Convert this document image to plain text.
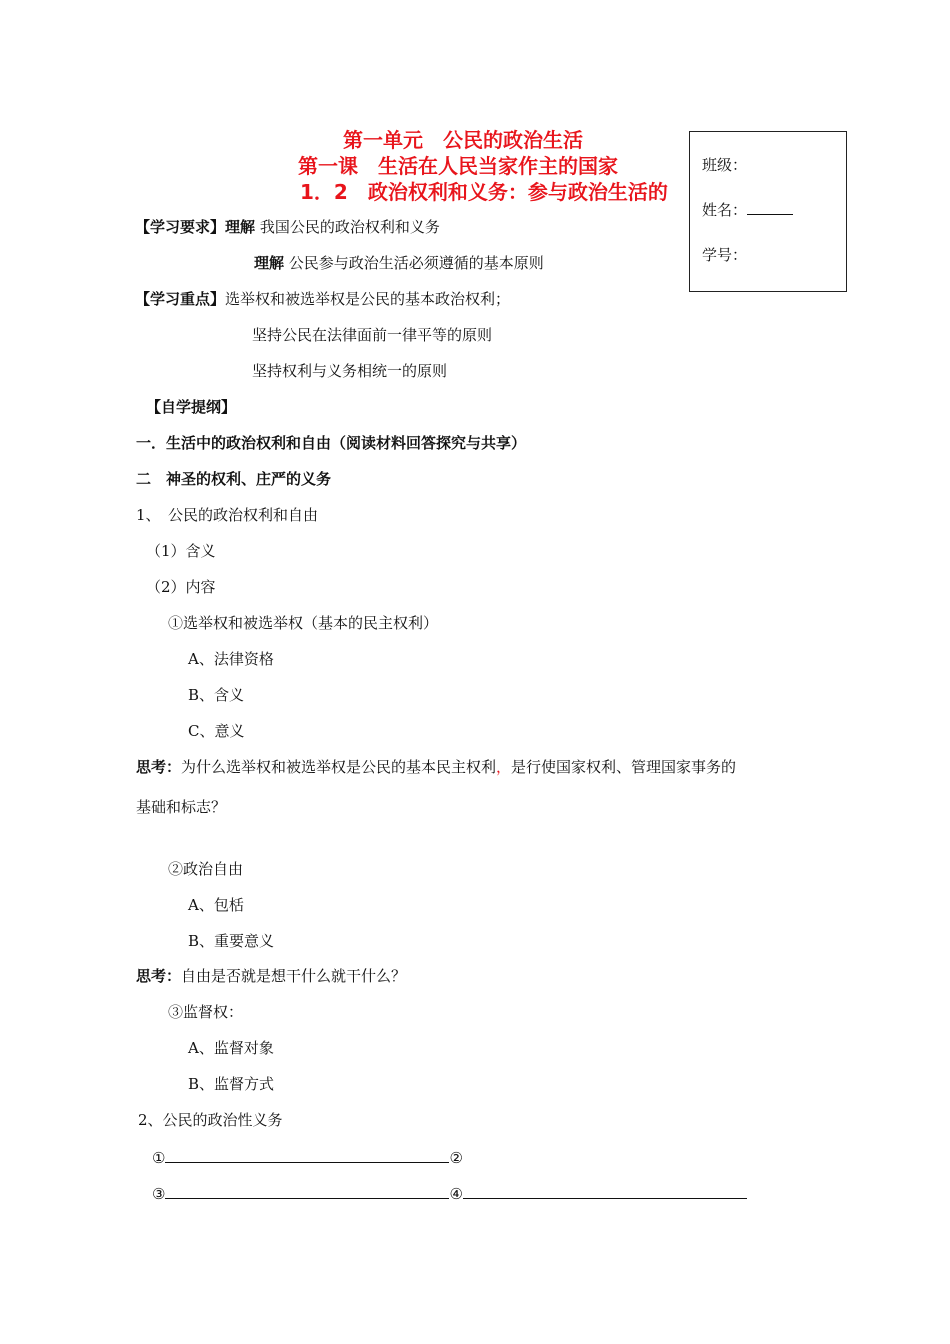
第一单元　公民的政治生活
第一课　生活在人民当家作主的国家
1．2　政治权利和义务：参与政治生活的
班级：
姓名：
学号：
【学习要求】理解 我国公民的政治权利和义务
理解 公民参与政治生活必须遵循的基本原则
【学习重点】选举权和被选举权是公民的基本政治权利；
坚持公民在法律面前一律平等的原则
坚持权利与义务相统一的原则
【自学提纲】
一．生活中的政治权利和自由（阅读材料回答探究与共享）
二　神圣的权利、庄严的义务
1、　公民的政治权利和自由
（1）含义
（2）内容
①选举权和被选举权（基本的民主权利）
A、法律资格
B、含义
C、意义
思考：为什么选举权和被选举权是公民的基本民主权利，是行使国家权利、管理国家事务的
基础和标志？
②政治自由
A、包栝
B、重要意义
思考：自由是否就是想干什么就干什么？
③监督权：
A、监督对象
B、监督方式
2、公民的政治性义务
①	②
③	④
